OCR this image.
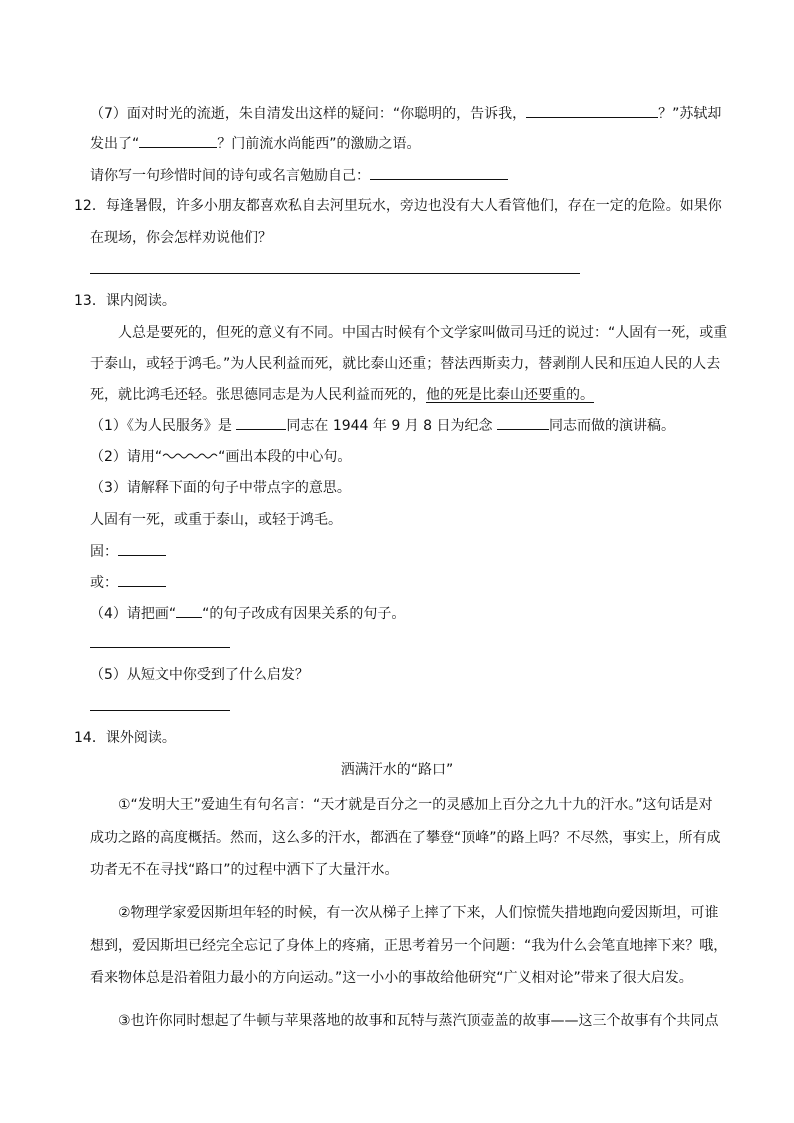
（7）面对时光的流逝，朱自清发出这样的疑问：“你聪明的，告诉我，	？”苏轼却
发出了“	？门前流水尚能西”的激励之语。
请你写一句珍惜时间的诗句或名言勉励自己：
12．每逢暑假，许多小朋友都喜欢私自去河里玩水，旁边也没有大人看管他们，存在一定的危险。如果你
在现场，你会怎样劝说他们？
13．课内阅读。
人总是要死的，但死的意义有不同。中国古时候有个文学家叫做司马迁的说过：“人固有一死，或重
于泰山，或轻于鸿毛。”为人民利益而死，就比泰山还重；替法西斯卖力，替剥削人民和压迫人民的人去
死，就比鸿毛还轻。张思德同志是为人民利益而死的，他的死是比泰山还要重的。
（1）《为人民服务》是	同志在 1944 年 9 月 8 日为纪念	同志而做的演讲稿。
（2）请用“	“画出本段的中心句。
（3）请解释下面的句子中带点字的意思。
人固有一死，或重于泰山，或轻于鸿毛。
固：
或：
（4）请把画“ “的句子改成有因果关系的句子。
（5）从短文中你受到了什么启发？
14．课外阅读。
洒满汗水的“路口”
①“发明大王”爱迪生有句名言：“天才就是百分之一的灵感加上百分之九十九的汗水。”这句话是对
成功之路的高度概括。然而，这么多的汗水，都洒在了攀登“顶峰”的路上吗？不尽然，事实上，所有成
功者无不在寻找“路口”的过程中洒下了大量汗水。
②物理学家爱因斯坦年轻的时候，有一次从梯子上摔了下来，人们惊慌失措地跑向爱因斯坦，可谁
想到，爱因斯坦已经完全忘记了身体上的疼痛，正思考着另一个问题：“我为什么会笔直地摔下来？哦，
看来物体总是沿着阻力最小的方向运动。”这一小小的事故给他研究“广义相对论”带来了很大启发。
③也许你同时想起了牛顿与苹果落地的故事和瓦特与蒸汽顶壶盖的故事——这三个故事有个共同点
